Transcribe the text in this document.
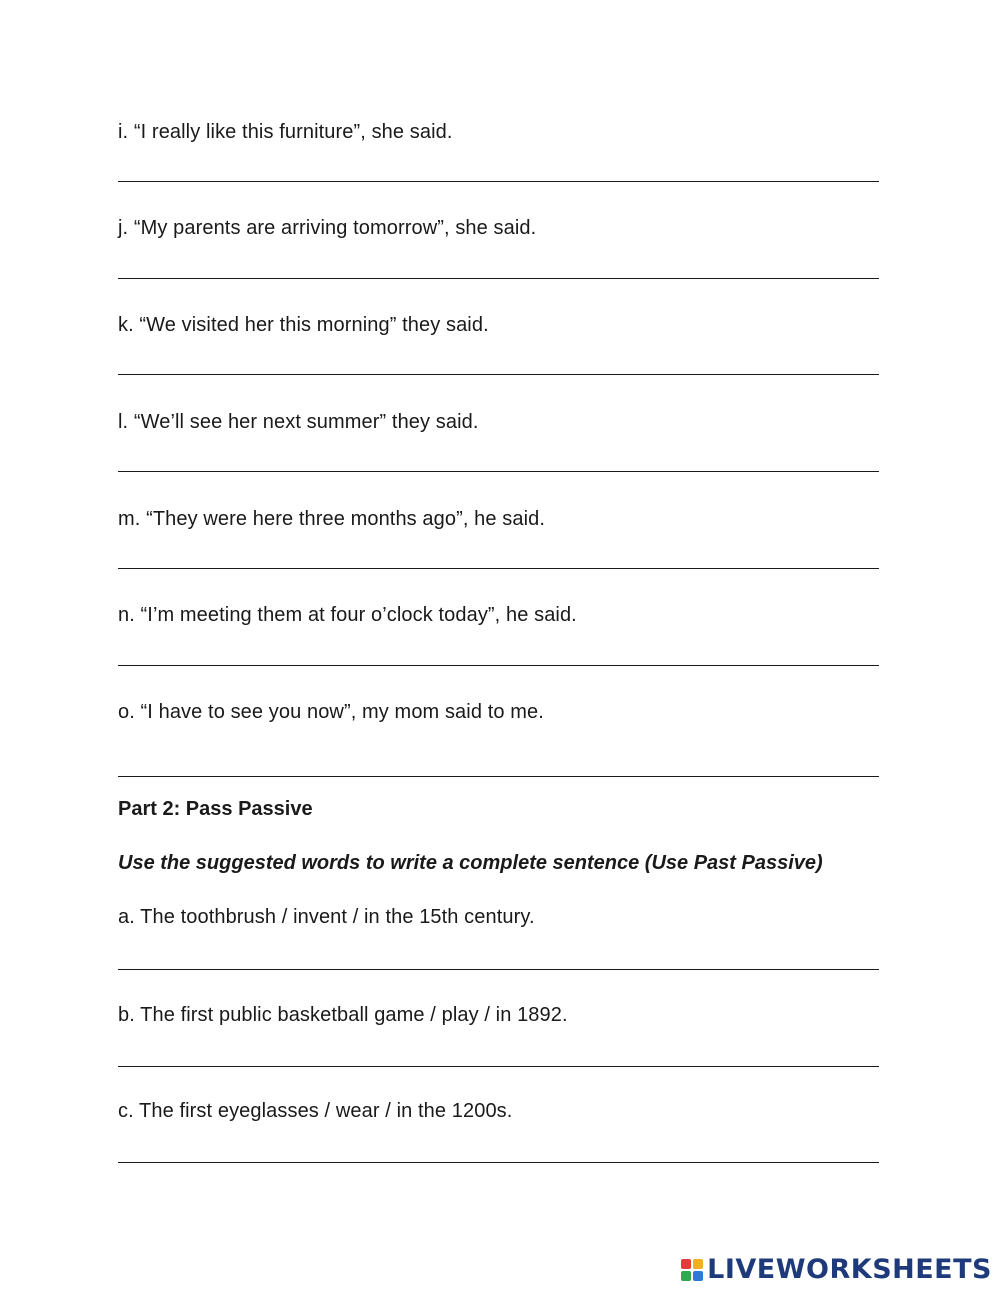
i. “I really like this furniture”, she said.
j. “My parents are arriving tomorrow”, she said.
k. “We visited her this morning” they said.
l. “We’ll see her next summer” they said.
m. “They were here three months ago”, he said.
n. “I’m meeting them at four o’clock today”, he said.
o. “I have to see you now”, my mom said to me.
Part 2: Pass Passive
Use the suggested words to write a complete sentence (Use Past Passive)
a. The toothbrush / invent / in the 15th century.
b. The first public basketball game / play / in 1892.
c. The first eyeglasses / wear / in the 1200s.
LIVEWORKSHEETS
